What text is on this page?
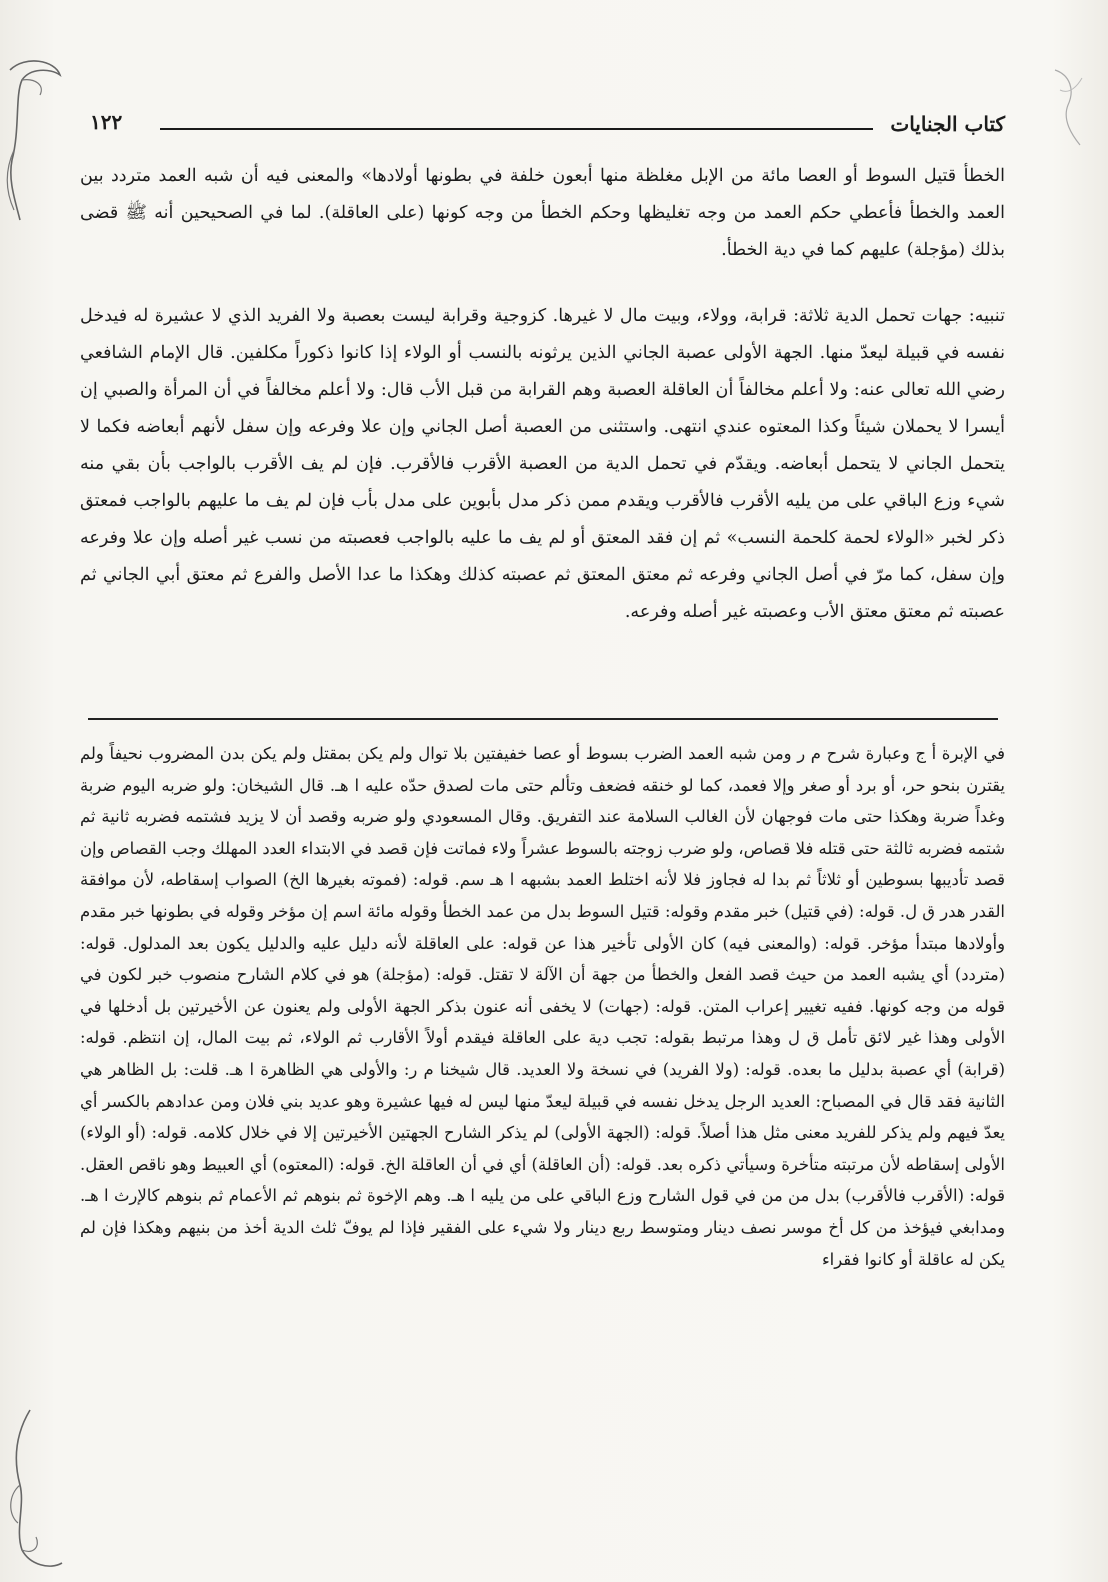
كتاب الجنايات
١٢٢

الخطأ قتيل السوط أو العصا مائة من الإبل مغلظة منها أبعون خلفة في بطونها أولادها» والمعنى فيه أن شبه العمد متردد بين العمد والخطأ فأعطي حكم العمد من وجه تغليظها وحكم الخطأ من وجه كونها (على العاقلة). لما في الصحيحين أنه ﷺ قضى بذلك (مؤجلة) عليهم كما في دية الخطأ.

تنبيه: جهات تحمل الدية ثلاثة: قرابة، وولاء، وبيت مال لا غيرها. كزوجية وقرابة ليست بعصبة ولا الفريد الذي لا عشيرة له فيدخل نفسه في قبيلة ليعدّ منها. الجهة الأولى عصبة الجاني الذين يرثونه بالنسب أو الولاء إذا كانوا ذكوراً مكلفين. قال الإمام الشافعي رضي الله تعالى عنه: ولا أعلم مخالفاً أن العاقلة العصبة وهم القرابة من قبل الأب قال: ولا أعلم مخالفاً في أن المرأة والصبي إن أيسرا لا يحملان شيئاً وكذا المعتوه عندي انتهى. واستثنى من العصبة أصل الجاني وإن علا وفرعه وإن سفل لأنهم أبعاضه فكما لا يتحمل الجاني لا يتحمل أبعاضه. ويقدّم في تحمل الدية من العصبة الأقرب فالأقرب. فإن لم يف الأقرب بالواجب بأن بقي منه شيء وزع الباقي على من يليه الأقرب فالأقرب ويقدم ممن ذكر مدل بأبوين على مدل بأب فإن لم يف ما عليهم بالواجب فمعتق ذكر لخبر «الولاء لحمة كلحمة النسب» ثم إن فقد المعتق أو لم يف ما عليه بالواجب فعصبته من نسب غير أصله وإن علا وفرعه وإن سفل، كما مرّ في أصل الجاني وفرعه ثم معتق المعتق ثم عصبته كذلك وهكذا ما عدا الأصل والفرع ثم معتق أبي الجاني ثم عصبته ثم معتق معتق الأب وعصبته غير أصله وفرعه.

في الإبرة أ ج وعبارة شرح م ر ومن شبه العمد الضرب بسوط أو عصا خفيفتين بلا توال ولم يكن بمقتل ولم يكن بدن المضروب نحيفاً ولم يقترن بنحو حر، أو برد أو صغر وإلا فعمد، كما لو خنقه فضعف وتألم حتى مات لصدق حدّه عليه ا هـ. قال الشيخان: ولو ضربه اليوم ضربة وغداً ضربة وهكذا حتى مات فوجهان لأن الغالب السلامة عند التفريق. وقال المسعودي ولو ضربه وقصد أن لا يزيد فشتمه فضربه ثانية ثم شتمه فضربه ثالثة حتى قتله فلا قصاص، ولو ضرب زوجته بالسوط عشراً ولاء فماتت فإن قصد في الابتداء العدد المهلك وجب القصاص وإن قصد تأديبها بسوطين أو ثلاثاً ثم بدا له فجاوز فلا لأنه اختلط العمد بشبهه ا هـ سم. قوله: (فموته بغيرها الخ) الصواب إسقاطه، لأن موافقة القدر هدر ق ل. قوله: (في قتيل) خبر مقدم وقوله: قتيل السوط بدل من عمد الخطأ وقوله مائة اسم إن مؤخر وقوله في بطونها خبر مقدم وأولادها مبتدأ مؤخر. قوله: (والمعنى فيه) كان الأولى تأخير هذا عن قوله: على العاقلة لأنه دليل عليه والدليل يكون بعد المدلول. قوله: (متردد) أي يشبه العمد من حيث قصد الفعل والخطأ من جهة أن الآلة لا تقتل. قوله: (مؤجلة) هو في كلام الشارح منصوب خبر لكون في قوله من وجه كونها. ففيه تغيير إعراب المتن. قوله: (جهات) لا يخفى أنه عنون بذكر الجهة الأولى ولم يعنون عن الأخيرتين بل أدخلها في الأولى وهذا غير لائق تأمل ق ل وهذا مرتبط بقوله: تجب دية على العاقلة فيقدم أولاً الأقارب ثم الولاء، ثم بيت المال، إن انتظم. قوله: (قرابة) أي عصبة بدليل ما بعده. قوله: (ولا الفريد) في نسخة ولا العديد. قال شيخنا م ر: والأولى هي الظاهرة ا هـ. قلت: بل الظاهر هي الثانية فقد قال في المصباح: العديد الرجل يدخل نفسه في قبيلة ليعدّ منها ليس له فيها عشيرة وهو عديد بني فلان ومن عدادهم بالكسر أي يعدّ فيهم ولم يذكر للفريد معنى مثل هذا أصلاً. قوله: (الجهة الأولى) لم يذكر الشارح الجهتين الأخيرتين إلا في خلال كلامه. قوله: (أو الولاء) الأولى إسقاطه لأن مرتبته متأخرة وسيأتي ذكره بعد. قوله: (أن العاقلة) أي في أن العاقلة الخ. قوله: (المعتوه) أي العبيط وهو ناقص العقل. قوله: (الأقرب فالأقرب) بدل من من في قول الشارح وزع الباقي على من يليه ا هـ. وهم الإخوة ثم بنوهم ثم الأعمام ثم بنوهم كالإرث ا هـ. ومدابغي فيؤخذ من كل أخ موسر نصف دينار ومتوسط ربع دينار ولا شيء على الفقير فإذا لم يوفّ ثلث الدية أخذ من بنيهم وهكذا فإن لم يكن له عاقلة أو كانوا فقراء
